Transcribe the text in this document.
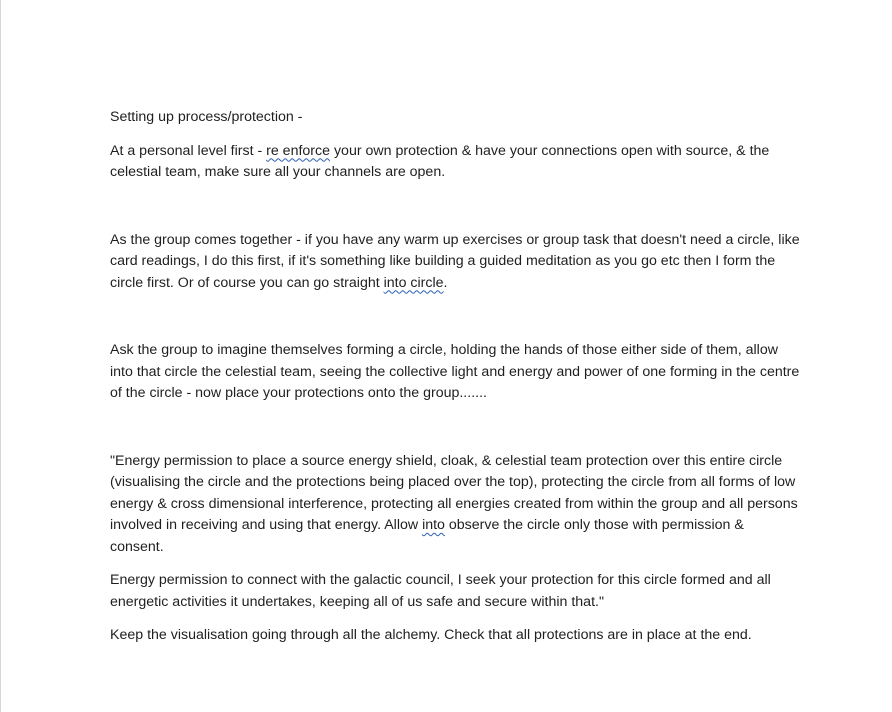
Setting up process/protection -

At a personal level first - re enforce your own protection & have your connections open with source, & the celestial team, make sure all your channels are open.

As the group comes together - if you have any warm up exercises or group task that doesn't need a circle, like card readings, I do this first, if it's something like building a guided meditation as you go etc then I form the circle first. Or of course you can go straight into circle.

Ask the group to imagine themselves forming a circle, holding the hands of those either side of them, allow into that circle the celestial team, seeing the collective light and energy and power of one forming in the centre of the circle - now place your protections onto the group.......

"Energy permission to place a source energy shield, cloak, & celestial team protection over this entire circle (visualising the circle and the protections being placed over the top), protecting the circle from all forms of low energy & cross dimensional interference, protecting all energies created from within the group and all persons involved in receiving and using that energy. Allow into observe the circle only those with permission & consent.

Energy permission to connect with the galactic council, I seek your protection for this circle formed and all energetic activities it undertakes, keeping all of us safe and secure within that."

Keep the visualisation going through all the alchemy. Check that all protections are in place at the end.
